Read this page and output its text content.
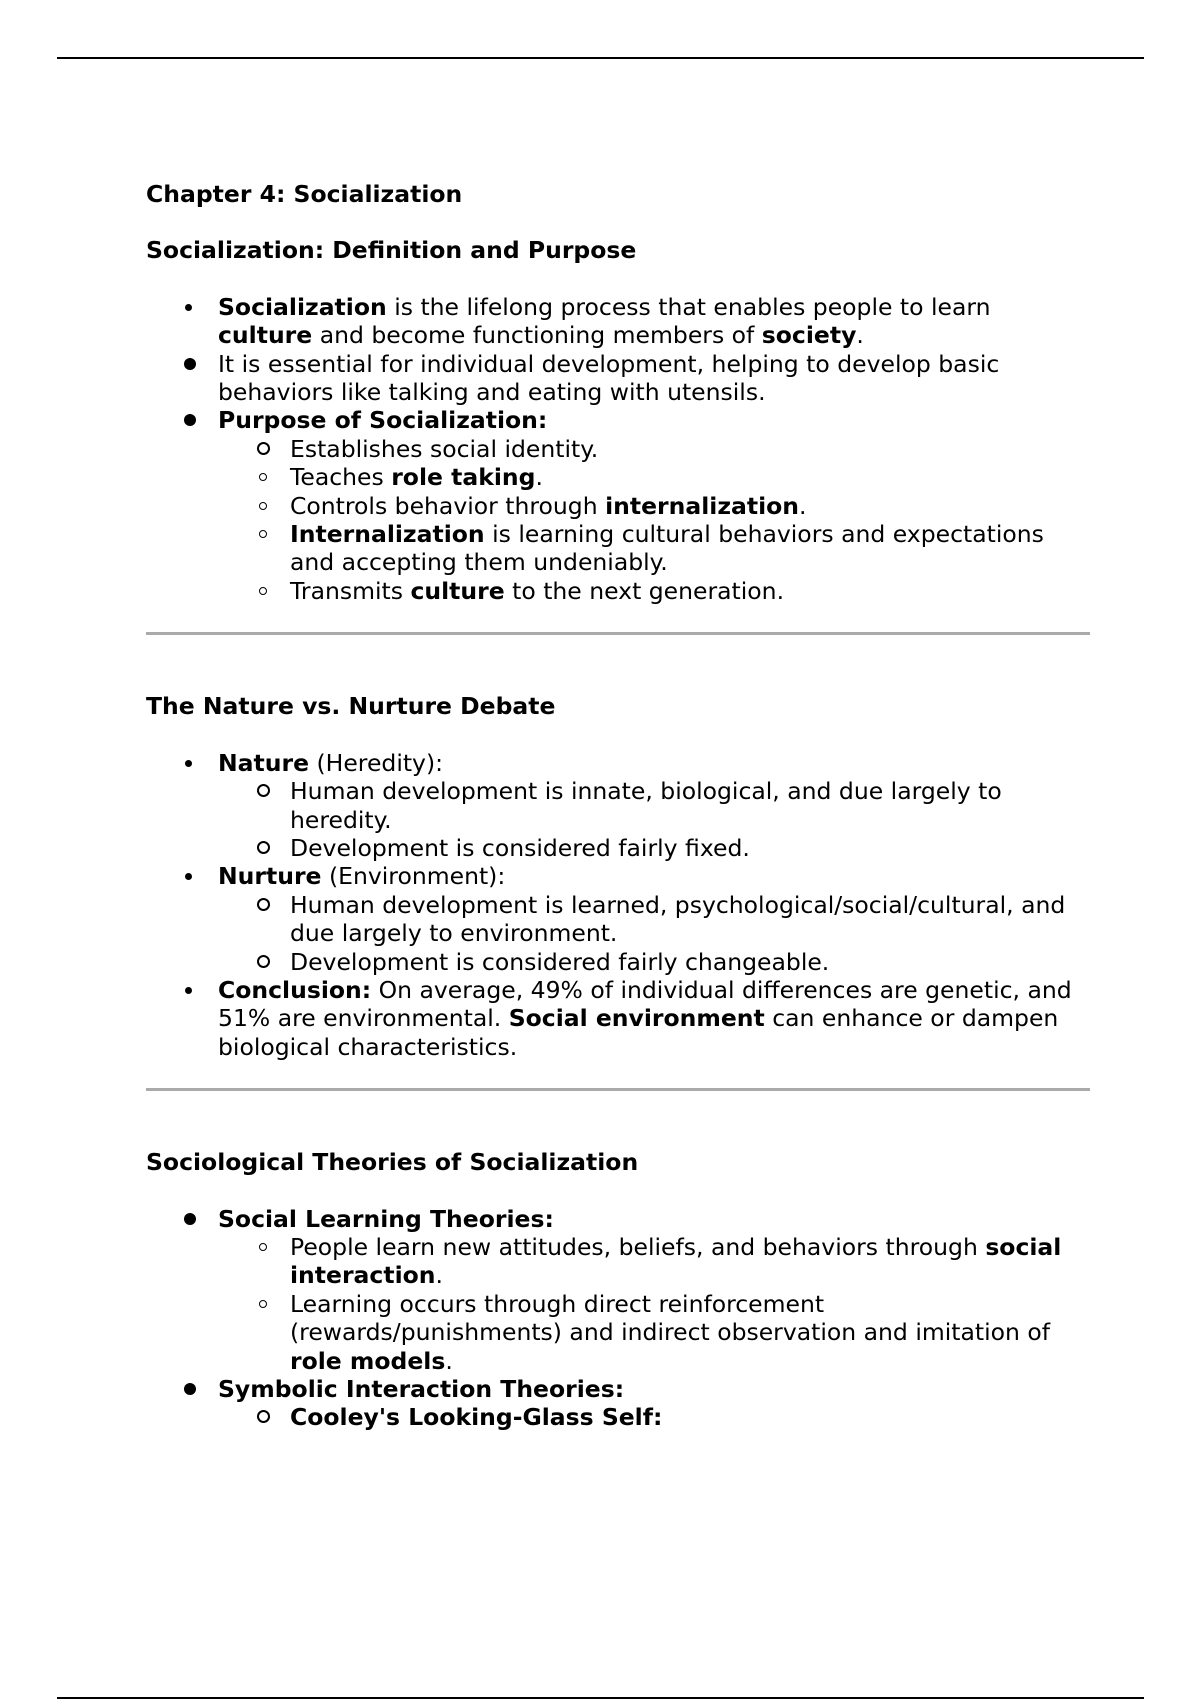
Chapter 4: Socialization

Socialization: Definition and Purpose

Socialization is the lifelong process that enables people to learn culture and become functioning members of society.
It is essential for individual development, helping to develop basic behaviors like talking and eating with utensils.
Purpose of Socialization:
Establishes social identity.
Teaches role taking.
Controls behavior through internalization.
Internalization is learning cultural behaviors and expectations and accepting them undeniably.
Transmits culture to the next generation.

The Nature vs. Nurture Debate

Nature (Heredity):
Human development is innate, biological, and due largely to heredity.
Development is considered fairly fixed.
Nurture (Environment):
Human development is learned, psychological/social/cultural, and due largely to environment.
Development is considered fairly changeable.
Conclusion: On average, 49% of individual differences are genetic, and 51% are environmental. Social environment can enhance or dampen biological characteristics.

Sociological Theories of Socialization

Social Learning Theories:
People learn new attitudes, beliefs, and behaviors through social interaction.
Learning occurs through direct reinforcement (rewards/punishments) and indirect observation and imitation of role models.
Symbolic Interaction Theories:
Cooley's Looking-Glass Self:
